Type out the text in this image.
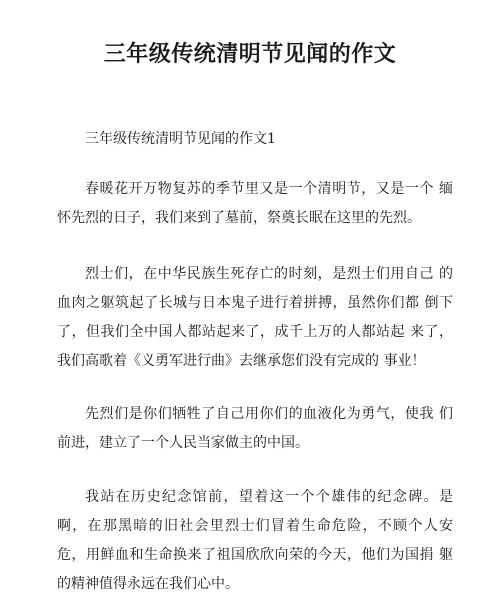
三年级传统清明节见闻的作文
三年级传统清明节见闻的作文1

春暖花开万物复苏的季节里又是一个清明节，又是一个 缅怀先烈的日子，我们来到了墓前，祭奠长眠在这里的先烈。

烈士们，在中华民族生死存亡的时刻，是烈士们用自己 的血肉之躯筑起了长城与日本鬼子进行着拼搏，虽然你们都 倒下了，但我们全中国人都站起来了，成千上万的人都站起 来了，我们高歌着《义勇军进行曲》去继承您们没有完成的 事业！

先烈们是你们牺牲了自己用你们的血液化为勇气，使我 们前进，建立了一个人民当家做主的中国。

我站在历史纪念馆前，望着这一个个雄伟的纪念碑。是 啊，在那黑暗的旧社会里烈士们冒着生命危险，不顾个人安 危，用鲜血和生命换来了祖国欣欣向荣的今天，他们为国捐 躯的精神值得永远在我们心中。
